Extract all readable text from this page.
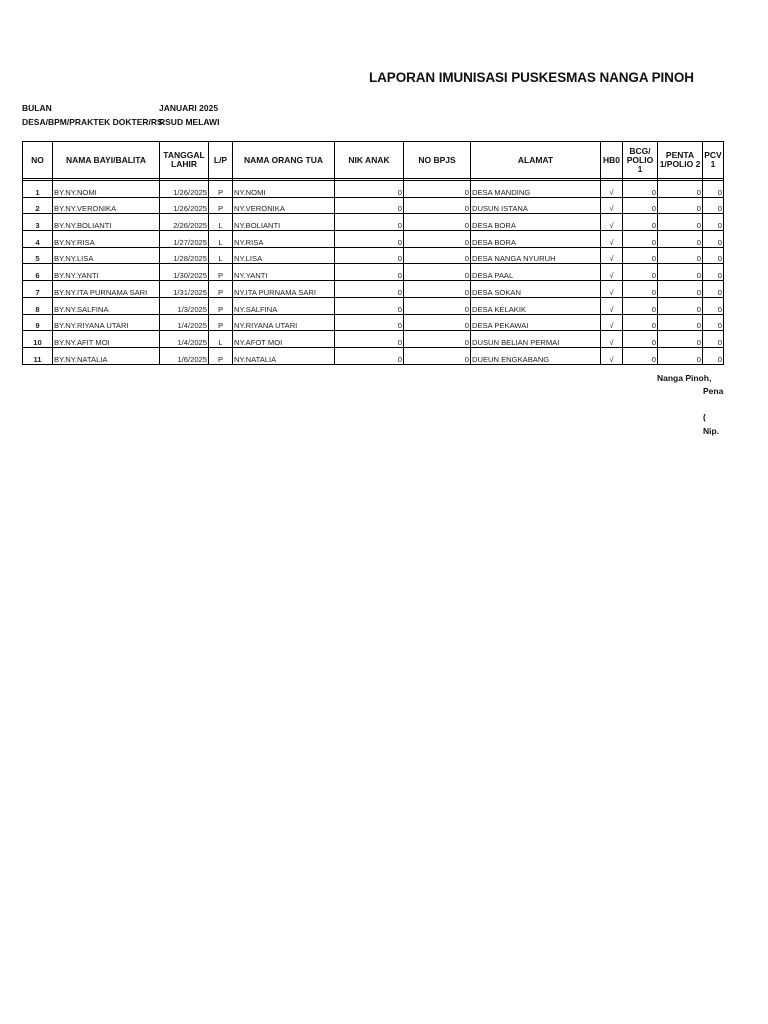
LAPORAN IMUNISASI PUSKESMAS NANGA PINOH
BULAN	JANUARI 2025
DESA/BPM/PRAKTEK DOKTER/RS
RSUD MELAWI
NO	NAMA BAYI/BALITA	TANGGAL LAHIR	L/P	NAMA ORANG TUA	NIK ANAK	NO BPJS	ALAMAT	HB0	BCG/ POLIO 1	PENTA 1/POLIO 2	PCV 1

1	BY.NY.NOMI	1/26/2025	P	NY.NOMI	0	0	DESA MANDING	√	0	0	0
2	BY.NY.VERONIKA	1/26/2025	P	NY.VERONIKA	0	0	DUSUN ISTANA	√	0	0	0
3	BY.NY.BOLIANTI	2/26/2025	L	NY.BOLIANTI	0	0	DESA BORA	√	0	0	0
4	BY.NY.RISA	1/27/2025	L	NY.RISA	0	0	DESA BORA	√	0	0	0
5	BY.NY.LISA	1/28/2025	L	NY.LISA	0	0	DESA NANGA NYURUH	√	0	0	0
6	BY.NY.YANTI	1/30/2025	P	NY.YANTI	0	0	DESA PAAL	√	0	0	0
7	BY.NY.ITA PURNAMA SARI	1/31/2025	P	NY.ITA PURNAMA SARI	0	0	DESA SOKAN	√	0	0	0
8	BY.NY.SALFINA	1/3/2025	P	NY.SALFINA	0	0	DESA KELAKIK	√	0	0	0
9	BY.NY.RIYANA UTARI	1/4/2025	P	NY.RIYANA UTARI	0	0	DESA PEKAWAI	√	0	0	0
10	BY.NY.AFIT MOI	1/4/2025	L	NY.AFOT MOI	0	0	DUSUN BELIAN PERMAI	√	0	0	0
11	BY.NY.NATALIA	1/6/2025	P	NY.NATALIA	0	0	DUEUN ENGKABANG	√	0	0	0
Nanga Pinoh,
Pena
(
Nip.
